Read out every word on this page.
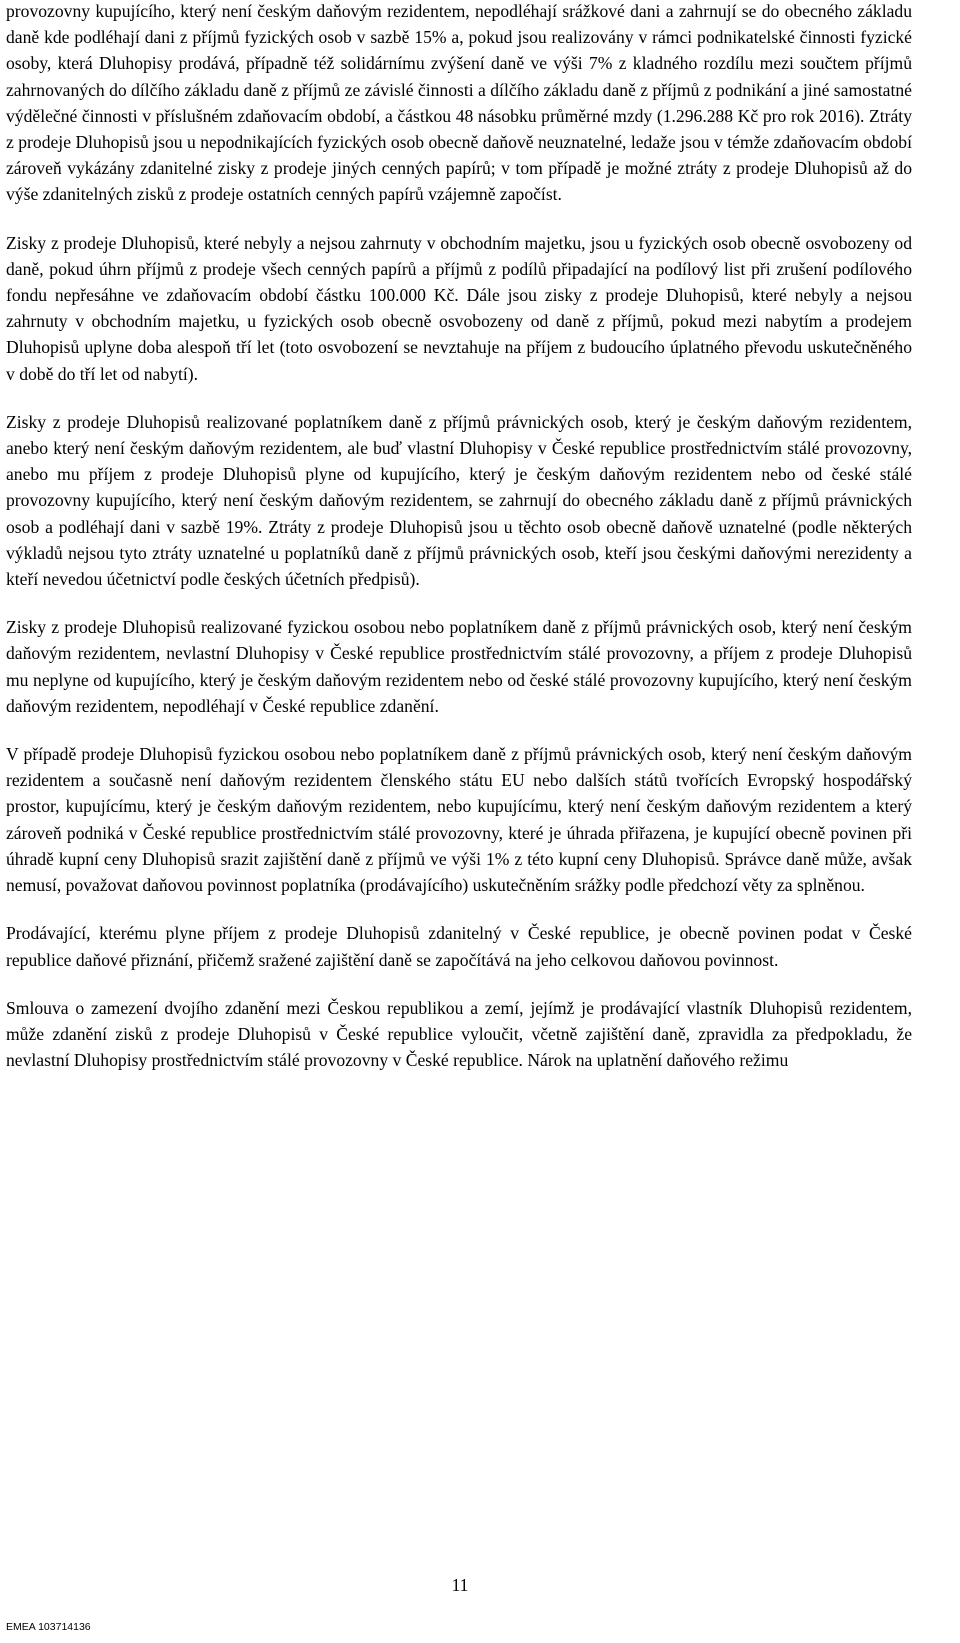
provozovny kupujícího, který není českým daňovým rezidentem, nepodléhají srážkové dani a zahrnují se do obecného základu daně kde podléhají dani z příjmů fyzických osob v sazbě 15% a, pokud jsou realizovány v rámci podnikatelské činnosti fyzické osoby, která Dluhopisy prodává, případně též solidárnímu zvýšení daně ve výši 7% z kladného rozdílu mezi součtem příjmů zahrnovaných do dílčího základu daně z příjmů ze závislé činnosti a dílčího základu daně z příjmů z podnikání a jiné samostatné výdělečné činnosti v příslušném zdaňovacím období, a částkou 48 násobku průměrné mzdy (1.296.288 Kč pro rok 2016). Ztráty z prodeje Dluhopisů jsou u nepodnikajících fyzických osob obecně daňově neuznatelné, ledaže jsou v témže zdaňovacím období zároveň vykázány zdanitelné zisky z prodeje jiných cenných papírů; v tom případě je možné ztráty z prodeje Dluhopisů až do výše zdanitelných zisků z prodeje ostatních cenných papírů vzájemně započíst.

Zisky z prodeje Dluhopisů, které nebyly a nejsou zahrnuty v obchodním majetku, jsou u fyzických osob obecně osvobozeny od daně, pokud úhrn příjmů z prodeje všech cenných papírů a příjmů z podílů připadající na podílový list při zrušení podílového fondu nepřesáhne ve zdaňovacím období částku 100.000 Kč. Dále jsou zisky z prodeje Dluhopisů, které nebyly a nejsou zahrnuty v obchodním majetku, u fyzických osob obecně osvobozeny od daně z příjmů, pokud mezi nabytím a prodejem Dluhopisů uplyne doba alespoň tří let (toto osvobození se nevztahuje na příjem z budoucího úplatného převodu uskutečněného v době do tří let od nabytí).

Zisky z prodeje Dluhopisů realizované poplatníkem daně z příjmů právnických osob, který je českým daňovým rezidentem, anebo který není českým daňovým rezidentem, ale buď vlastní Dluhopisy v České republice prostřednictvím stálé provozovny, anebo mu příjem z prodeje Dluhopisů plyne od kupujícího, který je českým daňovým rezidentem nebo od české stálé provozovny kupujícího, který není českým daňovým rezidentem, se zahrnují do obecného základu daně z příjmů právnických osob a podléhají dani v sazbě 19%. Ztráty z prodeje Dluhopisů jsou u těchto osob obecně daňově uznatelné (podle některých výkladů nejsou tyto ztráty uznatelné u poplatníků daně z příjmů právnických osob, kteří jsou českými daňovými nerezidenty a kteří nevedou účetnictví podle českých účetních předpisů).

Zisky z prodeje Dluhopisů realizované fyzickou osobou nebo poplatníkem daně z příjmů právnických osob, který není českým daňovým rezidentem, nevlastní Dluhopisy v České republice prostřednictvím stálé provozovny, a příjem z prodeje Dluhopisů mu neplyne od kupujícího, který je českým daňovým rezidentem nebo od české stálé provozovny kupujícího, který není českým daňovým rezidentem, nepodléhají v České republice zdanění.

V případě prodeje Dluhopisů fyzickou osobou nebo poplatníkem daně z příjmů právnických osob, který není českým daňovým rezidentem a současně není daňovým rezidentem členského státu EU nebo dalších států tvořících Evropský hospodářský prostor, kupujícímu, který je českým daňovým rezidentem, nebo kupujícímu, který není českým daňovým rezidentem a který zároveň podniká v České republice prostřednictvím stálé provozovny, které je úhrada přiřazena, je kupující obecně povinen při úhradě kupní ceny Dluhopisů srazit zajištění daně z příjmů ve výši 1% z této kupní ceny Dluhopisů. Správce daně může, avšak nemusí, považovat daňovou povinnost poplatníka (prodávajícího) uskutečněním srážky podle předchozí věty za splněnou.

Prodávající, kterému plyne příjem z prodeje Dluhopisů zdanitelný v České republice, je obecně povinen podat v České republice daňové přiznání, přičemž sražené zajištění daně se započítává na jeho celkovou daňovou povinnost.

Smlouva o zamezení dvojího zdanění mezi Českou republikou a zemí, jejímž je prodávající vlastník Dluhopisů rezidentem, může zdanění zisků z prodeje Dluhopisů v České republice vyloučit, včetně zajištění daně, zpravidla za předpokladu, že nevlastní Dluhopisy prostřednictvím stálé provozovny v České republice. Nárok na uplatnění daňového režimu

11
EMEA 103714136
